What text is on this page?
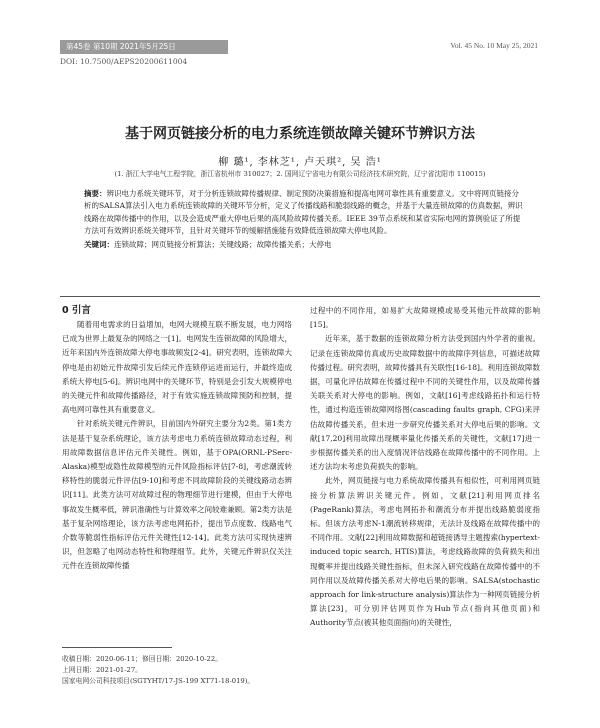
第45卷 第10期 2021年5月25日	Vol. 45 No. 10 May 25, 2021
DOI: 10.7500/AEPS20200611004
基于网页链接分析的电力系统连锁故障关键环节辨识方法
柳 璐¹, 李林芝¹, 卢天琪², 吴 浩¹
(1. 浙江大学电气工程学院，浙江省杭州市 310027；2. 国网辽宁省电力有限公司经济技术研究院，辽宁省沈阳市 110015)
摘要：辨识电力系统关键环节，对于分析连锁故障传播规律、制定预防决策措施和提高电网可靠性具有重要意义。文中将网页链接分析的SALSA算法引入电力系统连锁故障的关键环节分析，定义了传播线路和脆弱线路的概念，并基于大量连锁故障的仿真数据，辨识线路在故障传播中的作用，以及会造成严重大停电后果的高风险故障传播关系。IEEE 39节点系统和某省实际电网的算例验证了所提方法可有效辨识系统关键环节，且针对关键环节的缓解措施能有效降低连锁故障大停电风险。
关键词：连锁故障；网页链接分析算法；关键线路；故障传播关系；大停电
0 引言

随着用电需求的日益增加，电网大规模互联不断发展，电力网络已成为世界上最复杂的网络之一[1]。电网发生连锁故障的风险增大，近年来国内外连锁故障大停电事故频发[2-4]。研究表明，连锁故障大停电是由初始元件故障引发后续元件连锁停运进而运行，并最终造成系统大停电[5-6]。辨识电网中的关键环节，特别是会引发大规模停电的关键元件和故障传播路径，对于有效实施连锁故障预防和控制，提高电网可靠性具有重要意义。

针对系统关键元件辨识，目前国内外研究主要分为2类。第1类方法是基于复杂系统理论，该方法考虑电力系统连锁故障动态过程，利用故障数据信息评估元件关键性。例如，基于OPA(ORNL-PSerc-Alaska)模型或隐性故障模型的元件风险指标评估[7-8]，考虑潮流转移特性的脆弱元件评估[9-10]和考虑不同故障阶段的关键线路动态辨识[11]。此类方法可对故障过程的物理细节进行建模，但由于大停电事故发生概率低，辨识准确性与计算效率之间较难兼顾。第2类方法是基于复杂网络理论，该方法考虑电网拓扑，提出节点度数、线路电气介数等脆弱性指标评估元件关键性[12-14]。此类方法可实现快速辨识，但忽略了电网动态特性和物理细节。此外，关键元件辨识仅关注元件在连锁故障传播

过程中的不同作用，如易扩大故障规模或易受其他元件故障的影响[15]。

近年来，基于数据的连锁故障分析方法受到国内外学者的重视。记录在连锁故障仿真或历史故障数据中的故障序列信息，可描述故障传播过程。研究表明，故障传播具有关联性[16-18]。利用连锁故障数据，可量化评估故障在传播过程中不同的关键性作用，以及故障传播关联关系对大停电的影响。例如，文献[16]考虑线路拓扑和运行特性，通过构造连锁故障网络图(cascading faults graph, CFG)来评估故障传播关系，但未进一步研究传播关系对大停电后果的影响。文献[17,20]利用故障出现概率量化传播关系的关键性，文献[17]进一步根据传播关系的出入度情况评估线路在故障传播中的不同作用。上述方法均未考虑负荷损失的影响。

此外，网页链接与电力系统故障传播具有相似性，可利用网页链接分析算法辨识关键元件。例如，文献[21]利用网页排名(PageRank)算法，考虑电网拓扑和潮流分布并提出线路脆弱度指标。但该方法考虑N-1潮流转移规律，无法计及线路在故障传播中的不同作用。文献[22]利用故障数据和超链接诱导主题搜索(hypertext-induced topic search, HTIS)算法，考虑线路故障的负荷损失和出现概率并提出线路关键性指标，但未深入研究线路在故障传播中的不同作用以及故障传播关系对大停电后果的影响。SALSA(stochastic approach for link-structure analysis)算法作为一种网页链接分析算法[23]，可分别评估网页作为Hub节点(指向其他页面)和Authority节点(被其他页面指向)的关键性，

收稿日期：2020-06-11；修回日期：2020-10-22。
上网日期：2021-01-27。
国家电网公司科技项目(SGTYHT/17-JS-199 XT71-18-019)。
